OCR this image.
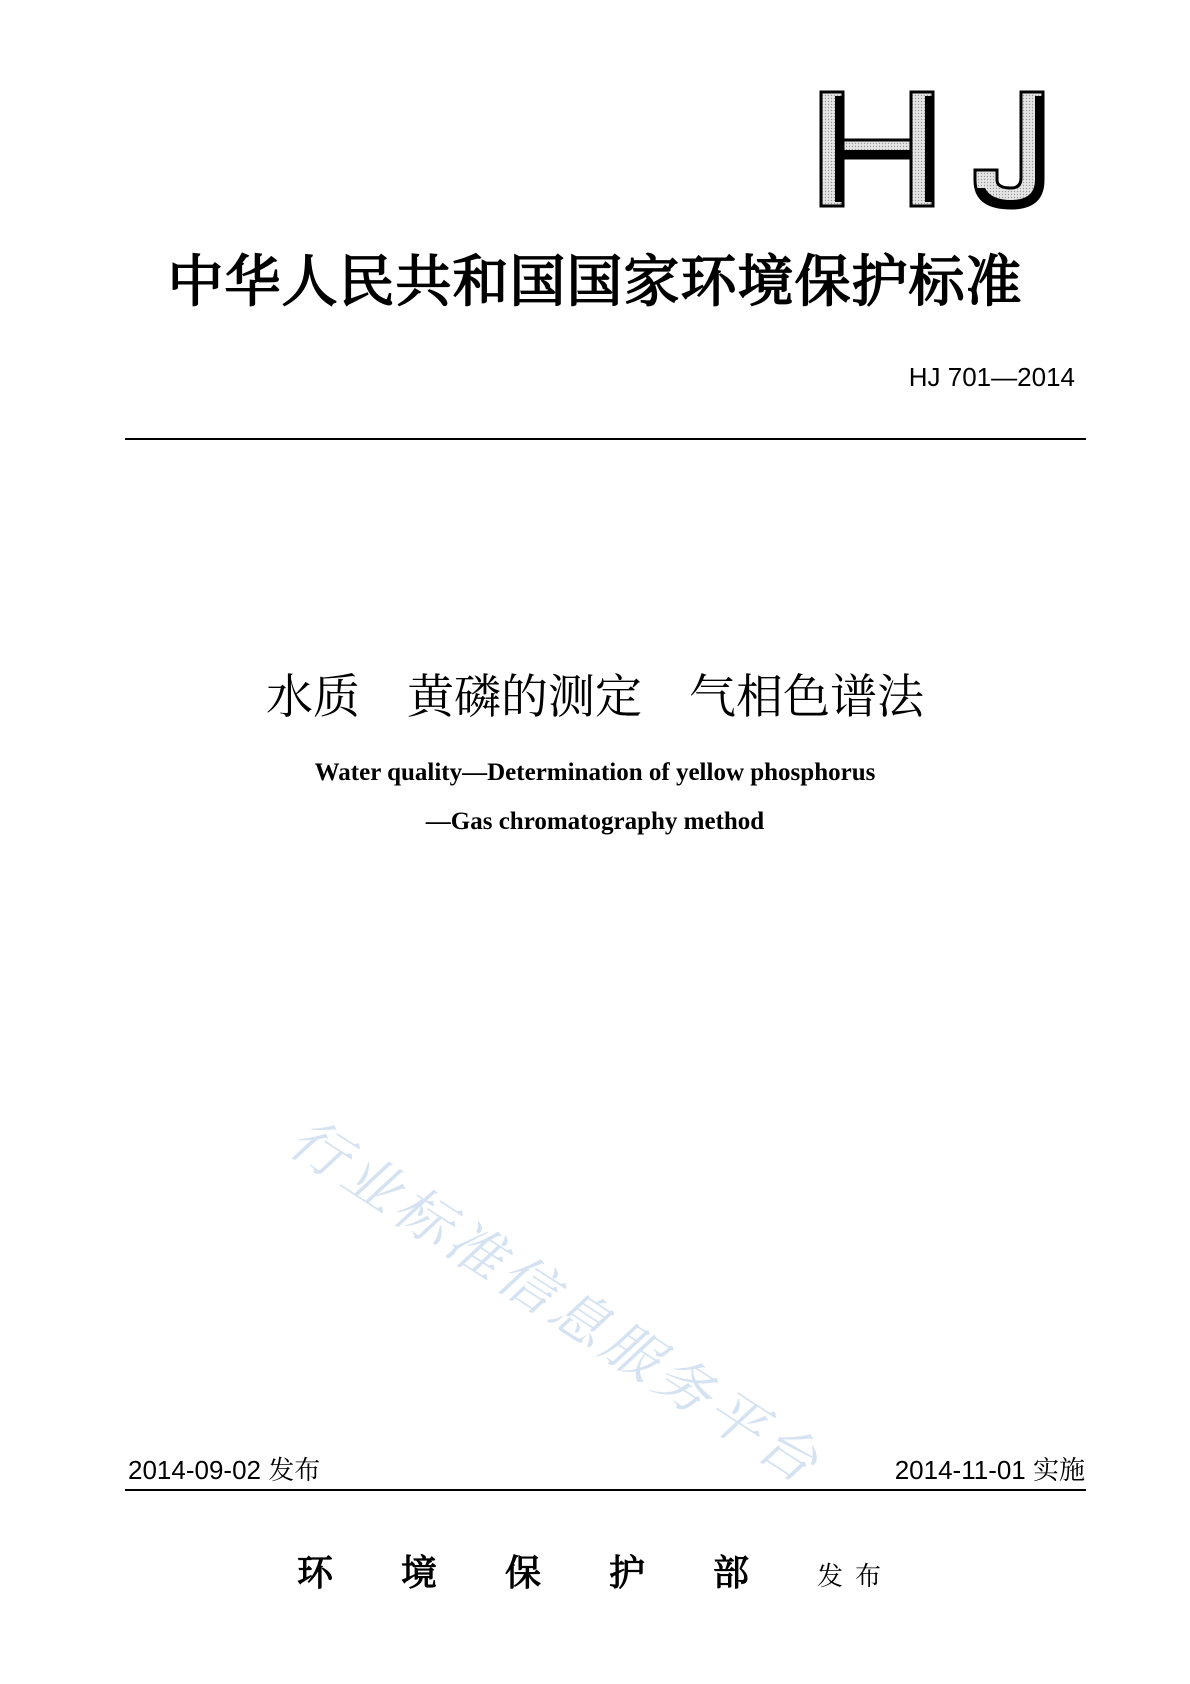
中华人民共和国国家环境保护标准
HJ 701—2014
水质　黄磷的测定　气相色谱法
Water quality—Determination of yellow phosphorus
—Gas chromatography method
行业标准信息服务平台
2014-09-02 发布	2014-11-01 实施
环境保护部发布
